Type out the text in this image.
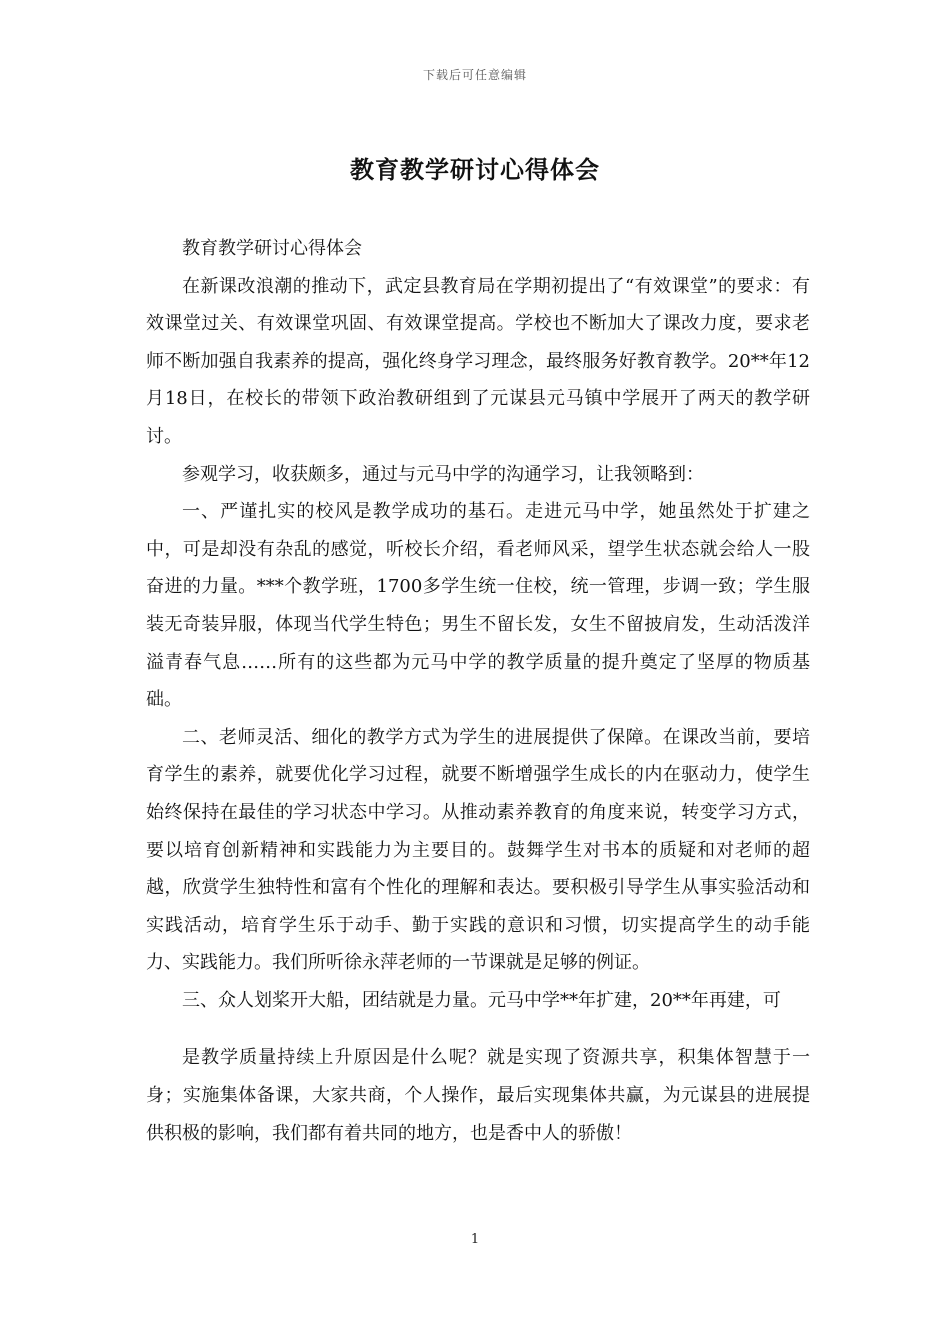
下载后可任意编辑
教育教学研讨心得体会

教育教学研讨心得体会

在新课改浪潮的推动下，武定县教育局在学期初提出了“有效课堂”的要求：有效课堂过关、有效课堂巩固、有效课堂提高。学校也不断加大了课改力度，要求老师不断加强自我素养的提高，强化终身学习理念，最终服务好教育教学。20**年12月18日，在校长的带领下政治教研组到了元谋县元马镇中学展开了两天的教学研讨。

参观学习，收获颇多，通过与元马中学的沟通学习，让我领略到：

一、严谨扎实的校风是教学成功的基石。走进元马中学，她虽然处于扩建之中，可是却没有杂乱的感觉，听校长介绍，看老师风采，望学生状态就会给人一股奋进的力量。***个教学班，1700多学生统一住校，统一管理，步调一致；学生服装无奇装异服，体现当代学生特色；男生不留长发，女生不留披肩发，生动活泼洋溢青春气息……所有的这些都为元马中学的教学质量的提升奠定了坚厚的物质基础。

二、老师灵活、细化的教学方式为学生的进展提供了保障。在课改当前，要培育学生的素养，就要优化学习过程，就要不断增强学生成长的内在驱动力，使学生始终保持在最佳的学习状态中学习。从推动素养教育的角度来说，转变学习方式，要以培育创新精神和实践能力为主要目的。鼓舞学生对书本的质疑和对老师的超越，欣赏学生独特性和富有个性化的理解和表达。要积极引导学生从事实验活动和实践活动，培育学生乐于动手、勤于实践的意识和习惯，切实提高学生的动手能力、实践能力。我们所听徐永萍老师的一节课就是足够的例证。

三、众人划桨开大船，团结就是力量。元马中学**年扩建，20**年再建，可

是教学质量持续上升原因是什么呢？就是实现了资源共享，积集体智慧于一身；实施集体备课，大家共商，个人操作，最后实现集体共赢，为元谋县的进展提供积极的影响，我们都有着共同的地方，也是香中人的骄傲！

1
